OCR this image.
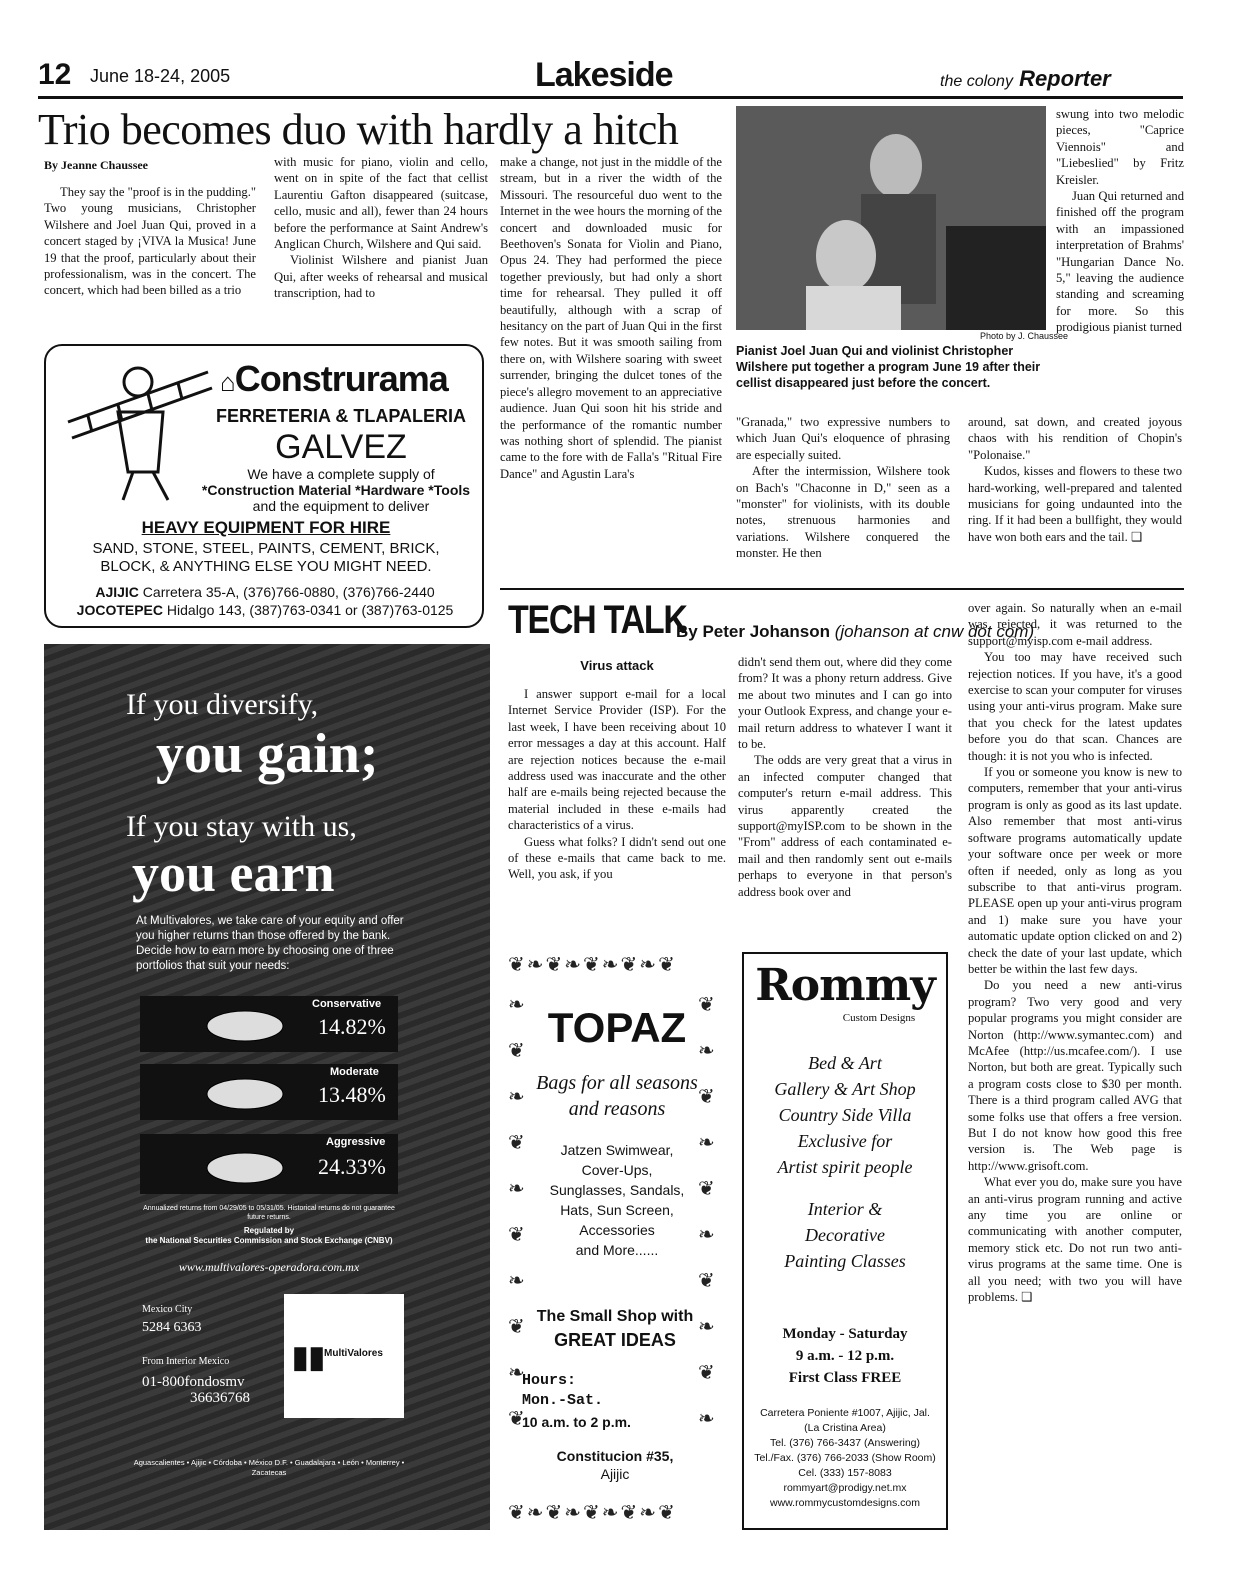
12 June 18-24, 2005	Lakeside	the colony Reporter
Trio becomes duo with hardly a hitch
By Jeanne Chaussee

They say the "proof is in the pudding." Two young musicians, Christopher Wilshere and Joel Juan Qui, proved in a concert staged by ¡VIVA la Musica! June 19 that the proof, particularly about their professionalism, was in the concert. The concert, which had been billed as a trio

with music for piano, violin and cello, went on in spite of the fact that cellist Laurentiu Gafton disappeared (suitcase, cello, music and all), fewer than 24 hours before the performance at Saint Andrew's Anglican Church, Wilshere and Qui said.

Violinist Wilshere and pianist Juan Qui, after weeks of rehearsal and musical transcription, had to

make a change, not just in the middle of the stream, but in a river the width of the Missouri. The resourceful duo went to the Internet in the wee hours the morning of the concert and downloaded music for Beethoven's Sonata for Violin and Piano, Opus 24. They had performed the piece together previously, but had only a short time for rehearsal. They pulled it off beautifully, although with a scrap of hesitancy on the part of Juan Qui in the first few notes. But it was smooth sailing from there on, with Wilshere soaring with sweet surrender, bringing the dulcet tones of the piece's allegro movement to an appreciative audience. Juan Qui soon hit his stride and the performance of the romantic number was nothing short of splendid. The pianist came to the fore with de Falla's "Ritual Fire Dance" and Agustin Lara's

Photo by J. Chaussee
Pianist Joel Juan Qui and violinist Christopher Wilshere put together a program June 19 after their cellist disappeared just before the concert.

"Granada," two expressive numbers to which Juan Qui's eloquence of phrasing are especially suited.

After the intermission, Wilshere took on Bach's "Chaconne in D," seen as a "monster" for violinists, with its double notes, strenuous harmonies and variations. Wilshere conquered the monster. He then

swung into two melodic pieces, "Caprice Viennois" and "Liebeslied" by Fritz Kreisler.

Juan Qui returned and finished off the program with an impassioned interpretation of Brahms' "Hungarian Dance No. 5," leaving the audience standing and screaming for more. So this prodigious pianist turned

around, sat down, and created joyous chaos with his rendition of Chopin's "Polonaise."

Kudos, kisses and flowers to these two hard-working, well-prepared and talented musicians for going undaunted into the ring. If it had been a bullfight, they would have won both ears and the tail. ❑

⌂Construrama
FERRETERIA & TLAPALERIA
GALVEZ
We have a complete supply of
*Construction Material *Hardware *Tools
and the equipment to deliver
HEAVY EQUIPMENT FOR HIRE
SAND, STONE, STEEL, PAINTS, CEMENT, BRICK,
BLOCK, & ANYTHING ELSE YOU MIGHT NEED.
AJIJIC Carretera 35-A, (376)766-0880, (376)766-2440
JOCOTEPEC Hidalgo 143, (387)763-0341 or (387)763-0125
If you diversify,
you gain;
If you stay with us,
you earn
At Multivalores, we take care of your equity and offer you higher returns than those offered by the bank. Decide how to earn more by choosing one of three portfolios that suit your needs:
Conservative
14.82%
Moderate
13.48%
Aggressive
24.33%
Annualized returns from 04/29/05 to 05/31/05. Historical returns do not guarantee future returns.
Regulated by
the National Securities Commission and Stock Exchange (CNBV)
www.multivalores-operadora.com.mx
Mexico City
5284 6363
From Interior Mexico
01-800fondosmv
36636768
▮▮
MultiValores
Aguascalientes • Ajijic • Córdoba • México D.F. • Guadalajara • León • Monterrey • Zacatecas
TECH TALK
By Peter Johanson (johanson at cnw dot com)
Virus attack

I answer support e-mail for a local Internet Service Provider (ISP). For the last week, I have been receiving about 10 error messages a day at this account. Half are rejection notices because the e-mail address used was inaccurate and the other half are e-mails being rejected because the material included in these e-mails had characteristics of a virus.

Guess what folks? I didn't send out one of these e-mails that came back to me. Well, you ask, if you

didn't send them out, where did they come from? It was a phony return address. Give me about two minutes and I can go into your Outlook Express, and change your e-mail return address to whatever I want it to be.

The odds are very great that a virus in an infected computer changed that computer's return e-mail address. This virus apparently created the support@myISP.com to be shown in the "From" address of each contaminated e-mail and then randomly sent out e-mails perhaps to everyone in that person's address book over and

over again. So naturally when an e-mail was rejected, it was returned to the support@myisp.com e-mail address.

You too may have received such rejection notices. If you have, it's a good exercise to scan your computer for viruses using your anti-virus program. Make sure that you check for the latest updates before you do that scan. Chances are though: it is not you who is infected.

If you or someone you know is new to computers, remember that your anti-virus program is only as good as its last update. Also remember that most anti-virus software programs automatically update your software once per week or more often if needed, only as long as you subscribe to that anti-virus program. PLEASE open up your anti-virus program and 1) make sure you have your automatic update option clicked on and 2) check the date of your last update, which better be within the last few days.

Do you need a new anti-virus program? Two very good and very popular programs you might consider are Norton (http://www.symantec.com) and McAfee (http://us.mcafee.com/). I use Norton, but both are great. Typically such a program costs close to $30 per month. There is a third program called AVG that some folks use that offers a free version. But I do not know how good this free version is. The Web page is http://www.grisoft.com.

What ever you do, make sure you have an anti-virus program running and active any time you are online or communicating with another computer, memory stick etc. Do not run two anti-virus programs at the same time. One is all you need; with two you will have problems. ❑

❦❧❦❧❦❧❦❧❦
❧
❦
❧
❦
❧
❦
❧
❦
❧
❦
❦
❧
❦
❧
❦
❧
❦
❧
❦
❧
TOPAZ
Bags for all seasons
and reasons
Jatzen Swimwear,
Cover-Ups,
Sunglasses, Sandals,
Hats, Sun Screen,
Accessories
and More......
The Small Shop with
GREAT IDEAS
Hours:
Mon.-Sat.
10 a.m. to 2 p.m.
Constitucion #35,
Ajijic
❦❧❦❧❦❧❦❧❦
Rommy
Custom Designs
Bed & Art
Gallery & Art Shop
Country Side Villa
Exclusive for
Artist spirit people
Interior &
Decorative
Painting Classes
Monday - Saturday
9 a.m. - 12 p.m.
First Class FREE
Carretera Poniente #1007, Ajijic, Jal.
(La Cristina Area)
Tel. (376) 766-3437 (Answering)
Tel./Fax. (376) 766-2033 (Show Room)
Cel. (333) 157-8083
rommyart@prodigy.net.mx
www.rommycustomdesigns.com
